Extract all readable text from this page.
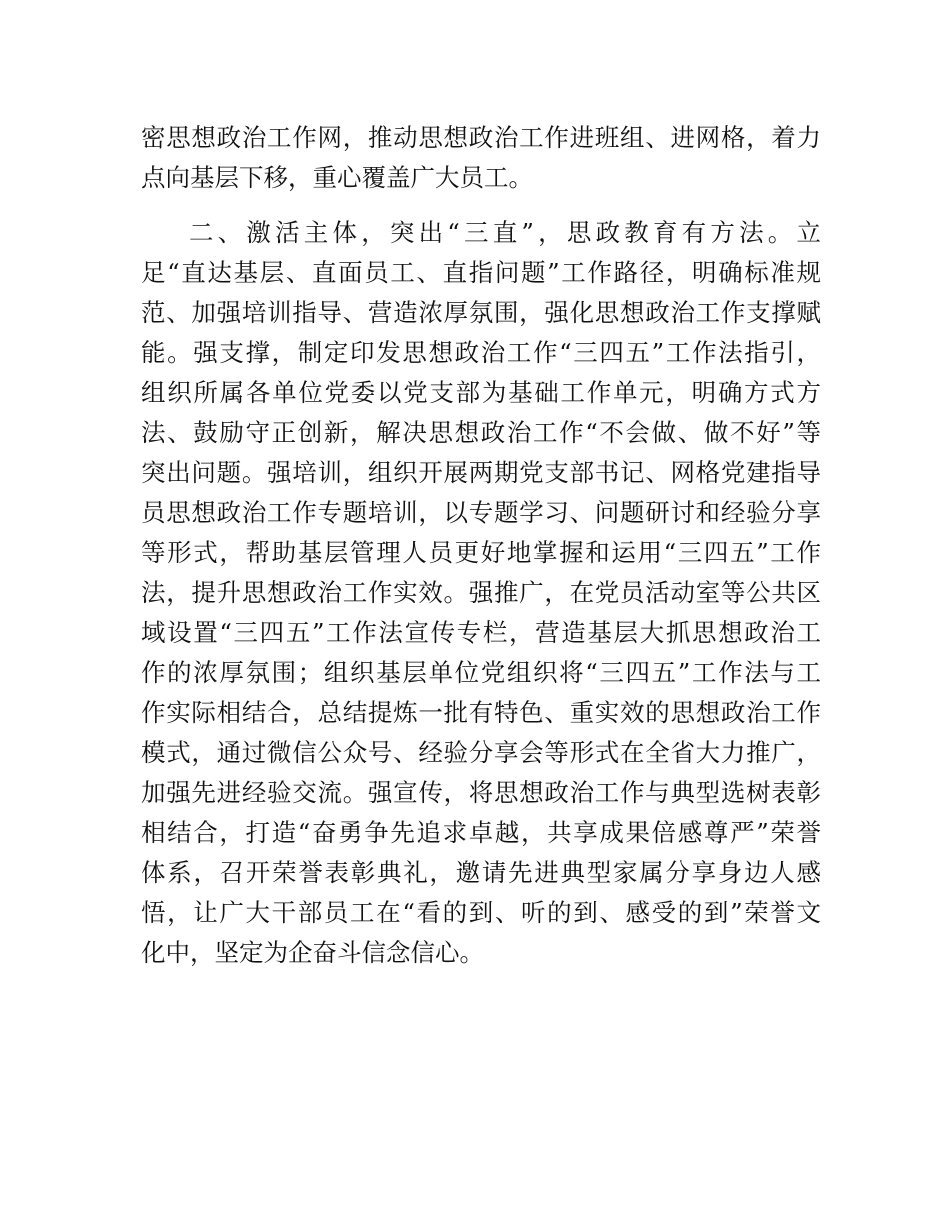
密思想政治工作网，推动思想政治工作进班组、进网格，着力
点向基层下移，重心覆盖广大员工。
二、激活主体，突出“三直”，思政教育有方法。立
足“直达基层、直面员工、直指问题”工作路径，明确标准规
范、加强培训指导、营造浓厚氛围，强化思想政治工作支撑赋
能。强支撑，制定印发思想政治工作“三四五”工作法指引，
组织所属各单位党委以党支部为基础工作单元，明确方式方
法、鼓励守正创新，解决思想政治工作“不会做、做不好”等
突出问题。强培训，组织开展两期党支部书记、网格党建指导
员思想政治工作专题培训，以专题学习、问题研讨和经验分享
等形式，帮助基层管理人员更好地掌握和运用“三四五”工作
法，提升思想政治工作实效。强推广，在党员活动室等公共区
域设置“三四五”工作法宣传专栏，营造基层大抓思想政治工
作的浓厚氛围；组织基层单位党组织将“三四五”工作法与工
作实际相结合，总结提炼一批有特色、重实效的思想政治工作
模式，通过微信公众号、经验分享会等形式在全省大力推广，
加强先进经验交流。强宣传，将思想政治工作与典型选树表彰
相结合，打造“奋勇争先追求卓越，共享成果倍感尊严”荣誉
体系，召开荣誉表彰典礼，邀请先进典型家属分享身边人感
悟，让广大干部员工在“看的到、听的到、感受的到”荣誉文
化中，坚定为企奋斗信念信心。
